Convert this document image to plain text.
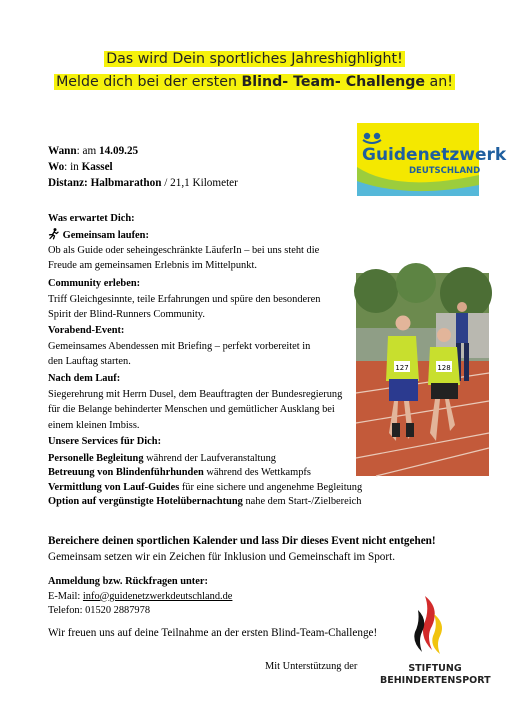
Das wird Dein sportliches Jahreshighlight!
Melde dich bei der ersten Blind- Team- Challenge an!
Wann: am 14.09.25
Wo: in Kassel
Distanz: Halbmarathon / 21,1 Kilometer
Guidenetzwerk
DEUTSCHLAND
Was erwartet Dich:
Gemeinsam laufen:
Ob als Guide oder seheingeschränkte LäuferIn – bei uns steht die
Freude am gemeinsamen Erlebnis im Mittelpunkt.
Community erleben:
Triff Gleichgesinnte, teile Erfahrungen und spüre den besonderen
Spirit der Blind-Runners Community.
Vorabend-Event:
Gemeinsames Abendessen mit Briefing – perfekt vorbereitet in
den Lauftag starten.
Nach dem Lauf:
Siegerehrung mit Herrn Dusel, dem Beauftragten der Bundesregierung
für die Belange behinderter Menschen und gemütlicher Ausklang bei
einem kleinen Imbiss.
127	128
Unsere Services für Dich:
Personelle Begleitung während der Laufveranstaltung
Betreuung von Blindenführhunden während des Wettkampfs
Vermittlung von Lauf-Guides für eine sichere und angenehme Begleitung
Option auf vergünstigte Hotelübernachtung nahe dem Start-/Zielbereich
Bereichere deinen sportlichen Kalender und lass Dir dieses Event nicht entgehen!
Gemeinsam setzen wir ein Zeichen für Inklusion und Gemeinschaft im Sport.
Anmeldung bzw. Rückfragen unter:
E-Mail: info@guidenetzwerkdeutschland.de
Telefon: 01520 2887978
Wir freuen uns auf deine Teilnahme an der ersten Blind-Team-Challenge!
Mit Unterstützung der	STIFTUNG
BEHINDERTENSPORT
